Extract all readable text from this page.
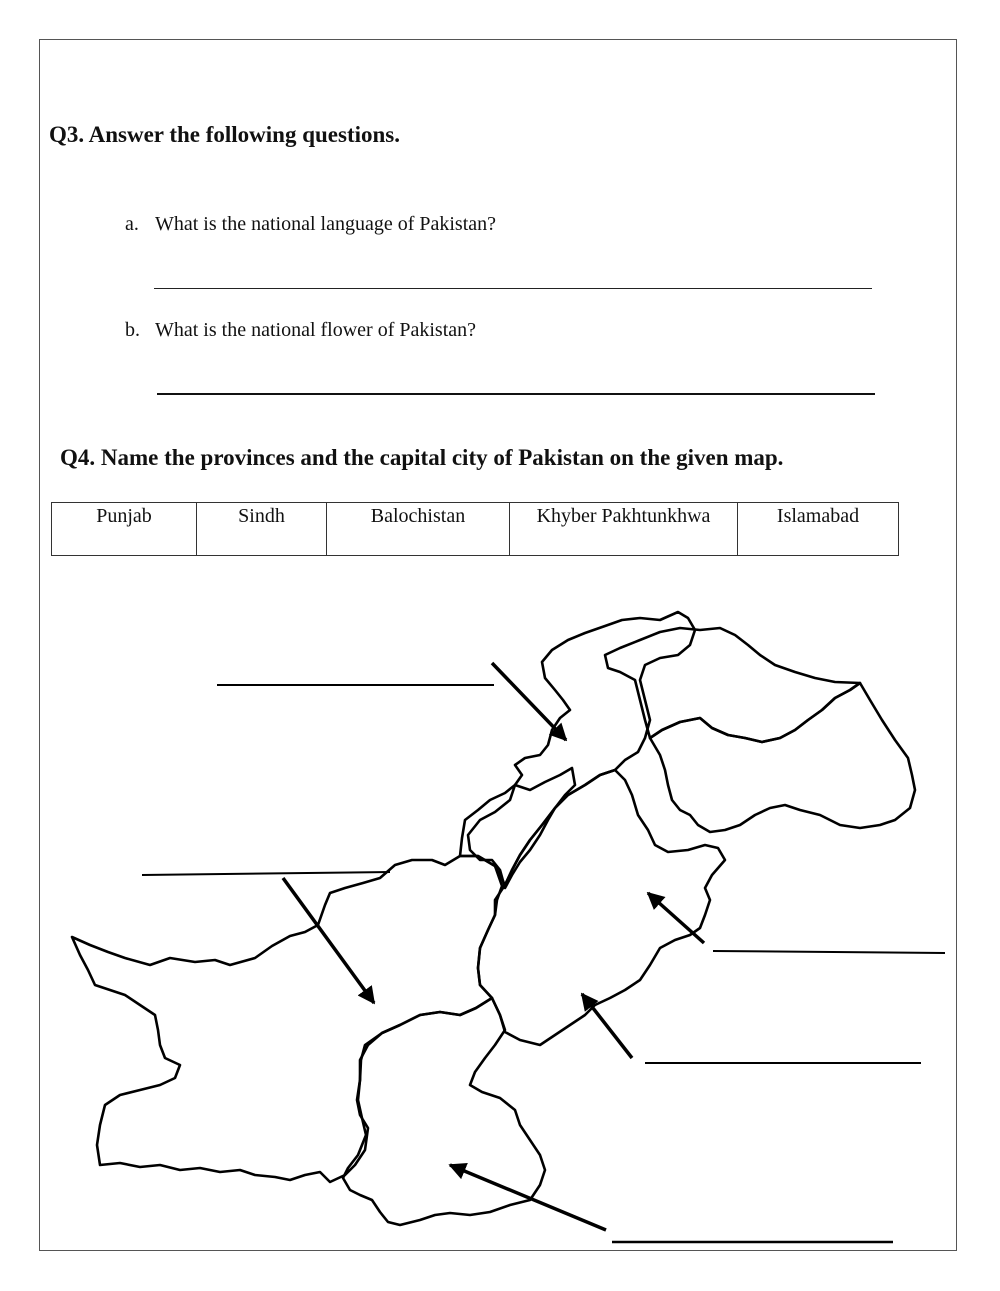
Q3. Answer the following questions.
a. What is the national language of Pakistan?
b. What is the national flower of Pakistan?
Q4. Name the provinces and the capital city of Pakistan on the given map.
Punjab	Sindh	Balochistan	Khyber Pakhtunkhwa	Islamabad
